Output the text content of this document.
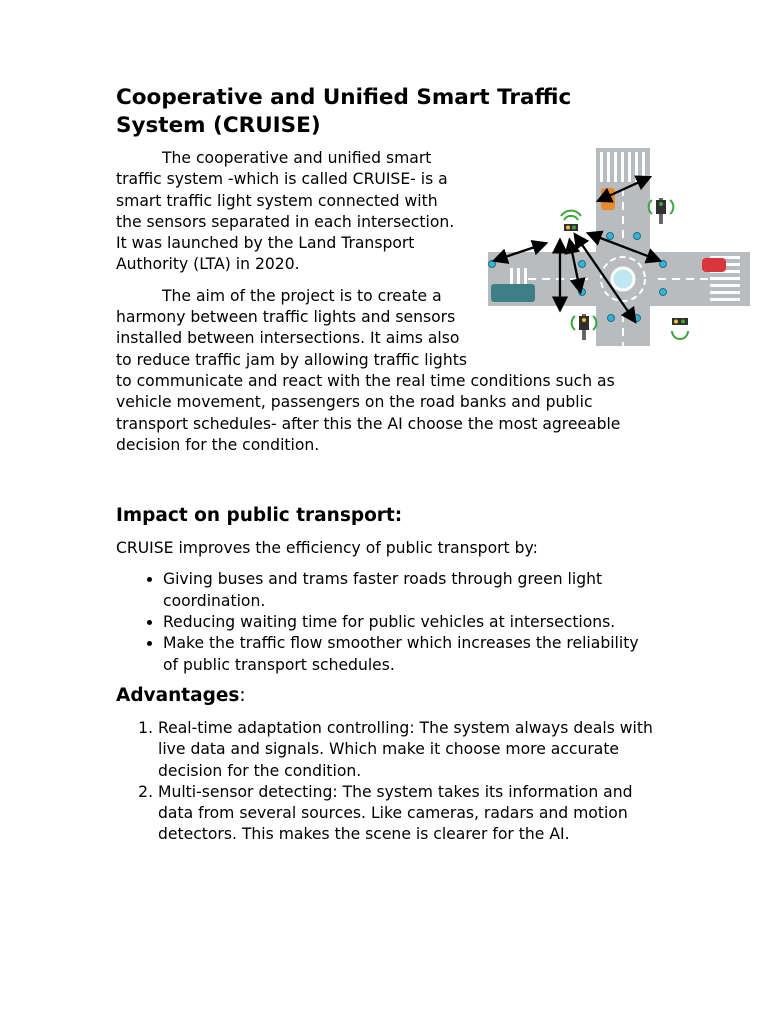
Cooperative and Unified Smart Traffic System (CRUISE)

The cooperative and unified smart traffic system -which is called CRUISE- is a smart traffic light system connected with the sensors separated in each intersection. It was launched by the Land Transport Authority (LTA) in 2020.

The aim of the project is to create a harmony between traffic lights and sensors installed between intersections. It aims also to reduce traffic jam by allowing traffic lights to communicate and react with the real time conditions such as vehicle movement, passengers on the road banks and public transport schedules- after this the AI choose the most agreeable decision for the condition.

Impact on public transport:

CRUISE improves the efficiency of public transport by:

• Giving buses and trams faster roads through green light coordination.
• Reducing waiting time for public vehicles at intersections.
• Make the traffic flow smoother which increases the reliability of public transport schedules.
Advantages:
1. Real-time adaptation controlling: The system always deals with live data and signals. Which make it choose more accurate decision for the condition.
2. Multi-sensor detecting: The system takes its information and data from several sources. Like cameras, radars and motion detectors. This makes the scene is clearer for the AI.
